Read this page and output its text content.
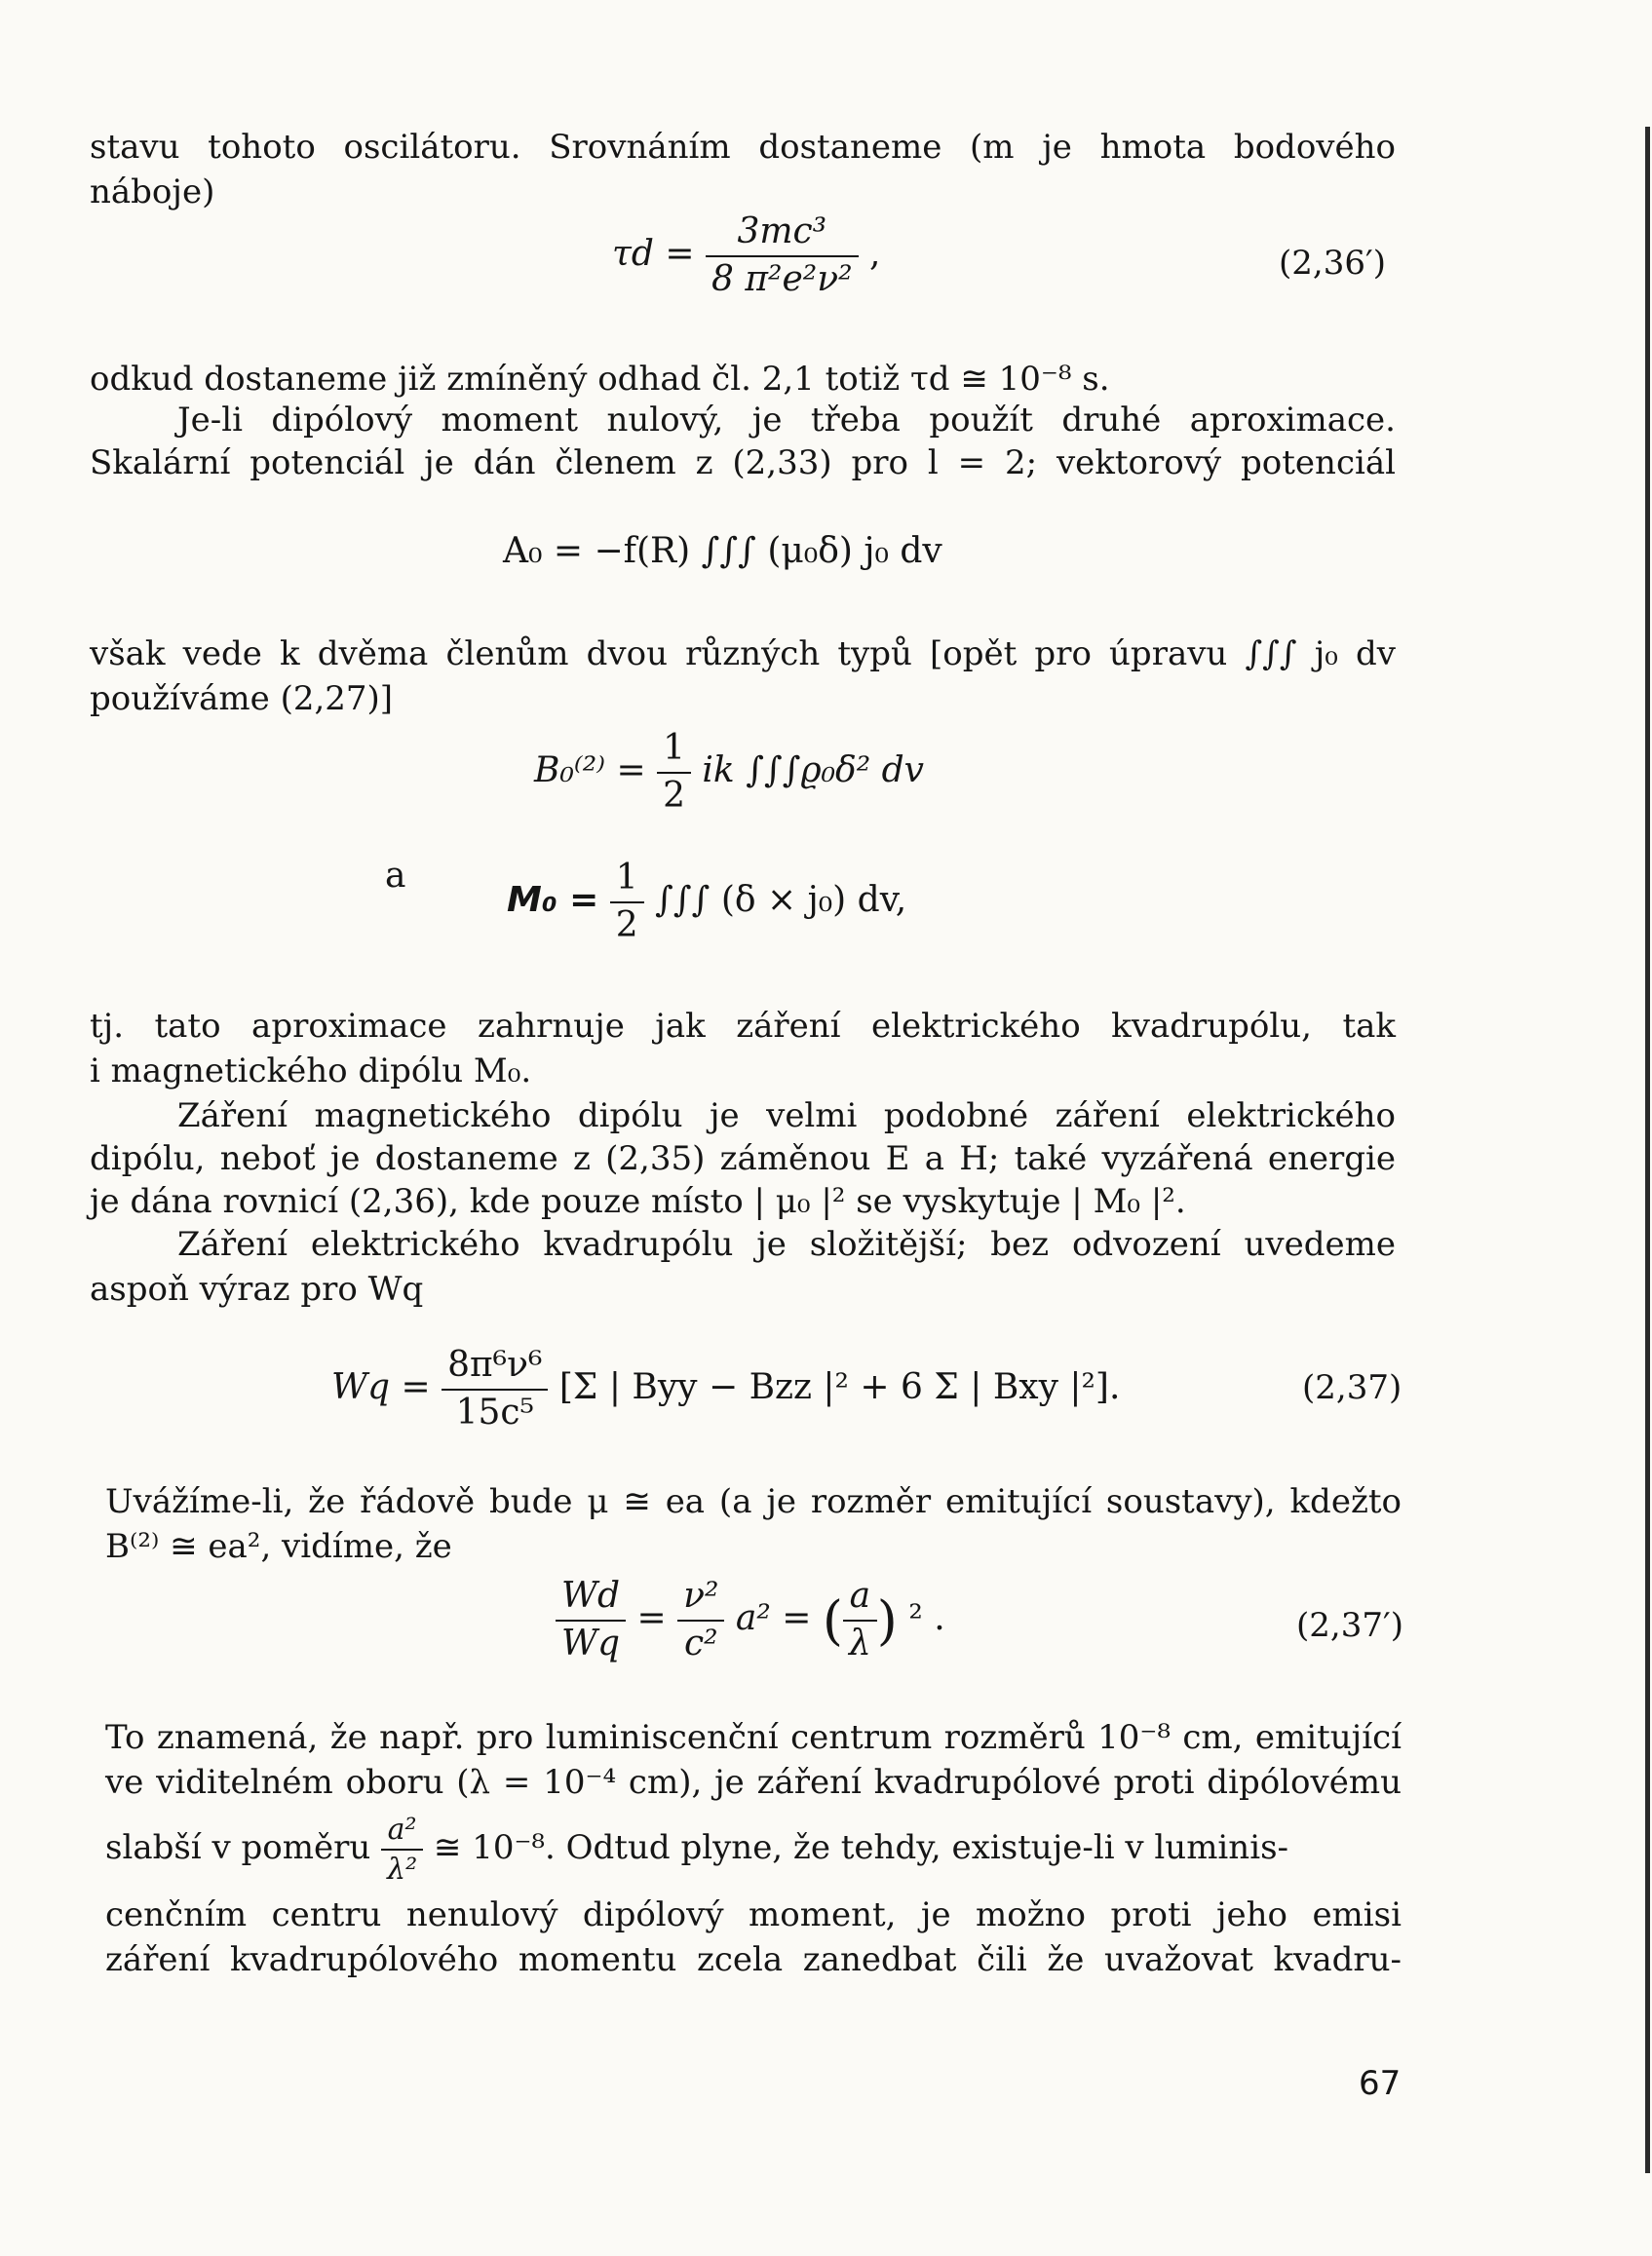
stavu tohoto oscilátoru. Srovnáním dostaneme (m je hmota bodového
náboje)
$\tau d = \frac{\text{3mc³}}{\text{8 π²e²ν²}}$ ,	(2,36′)
odkud dostaneme již zmíněný odhad čl. 2,1 totiž τd ≅ 10⁻⁸ s.
Je-li dipólový moment nulový, je třeba použít druhé aproximace.
Skalární potenciál je dán členem z (2,33) pro l = 2; vektorový potenciál
A₀ = −f(R) ∫∫∫ (μ₀δ) j₀ dv
však vede k dvěma členům dvou různých typů [opět pro úpravu ∫∫∫ j₀ dv
používáme (2,27)]
$B_0^{(2)} = \frac{1}{2}$ ik ∫∫∫ϱ₀δ² dv
a
$M_0 = \frac{1}{2}$ ∫∫∫ (δ × j₀) dv,
tj. tato aproximace zahrnuje jak záření elektrického kvadrupólu, tak
i magnetického dipólu M₀.
Záření magnetického dipólu je velmi podobné záření elektrického
dipólu, neboť je dostaneme z (2,35) záměnou E a H; také vyzářená energie
je dána rovnicí (2,36), kde pouze místo | μ₀ |² se vyskytuje | M₀ |².
Záření elektrického kvadrupólu je složitější; bez odvození uvedeme
aspoň výraz pro Wq
$Wq = \frac{\text{8π⁶ν⁶}}{\text{15c⁵}} [\Sigma$ | Byy − Bzz |² + 6 Σ | Bxy |²].	(2,37)
Uvážíme-li, že řádově bude μ ≅ ea (a je rozměr emitující soustavy), kdežto
B⁽²⁾ ≅ ea², vidíme, že
$\frac{Wd}{Wq} = \frac{\text{ν²}}{\text{c²}} a^2$ = ( $\frac{a}{\lambda}$ ) ² .	(2,37′)
To znamená, že např. pro luminiscenční centrum rozměrů 10⁻⁸ cm, emitující
ve viditelném oboru (λ = 10⁻⁴ cm), je záření kvadrupólové proti dipólovému
slabší v poměru $\frac{\text{a²}}{\text{λ²}}$ ≅ 10⁻⁸. Odtud plyne, že tehdy, existuje-li v luminis-
cenčním centru nenulový dipólový moment, je možno proti jeho emisi
záření kvadrupólového momentu zcela zanedbat čili že uvažovat kvadru-
67
